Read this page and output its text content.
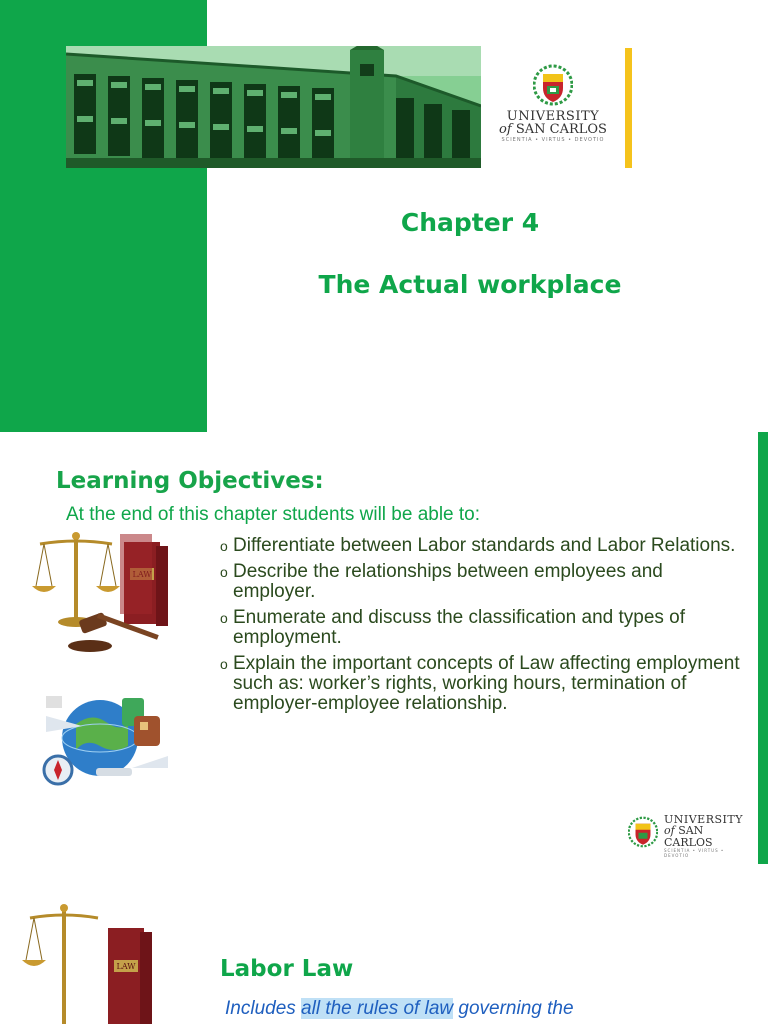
UNIVERSITY
of SAN CARLOS
SCIENTIA • VIRTUS • DEVOTIO
Chapter 4
The Actual workplace
Learning Objectives:
At the end of this chapter students will be able to:
o Differentiate between Labor standards and Labor Relations.
o Describe the relationships between employees and employer.
o Enumerate and discuss the classification and types of employment.
o Explain the important concepts of Law affecting employment such as: worker’s rights, working hours, termination of employer-employee relationship.
UNIVERSITY
of SAN CARLOS
SCIENTIA • VIRTUS • DEVOTIO
LAW	Labor Law
Includes all the rules of law governing the
